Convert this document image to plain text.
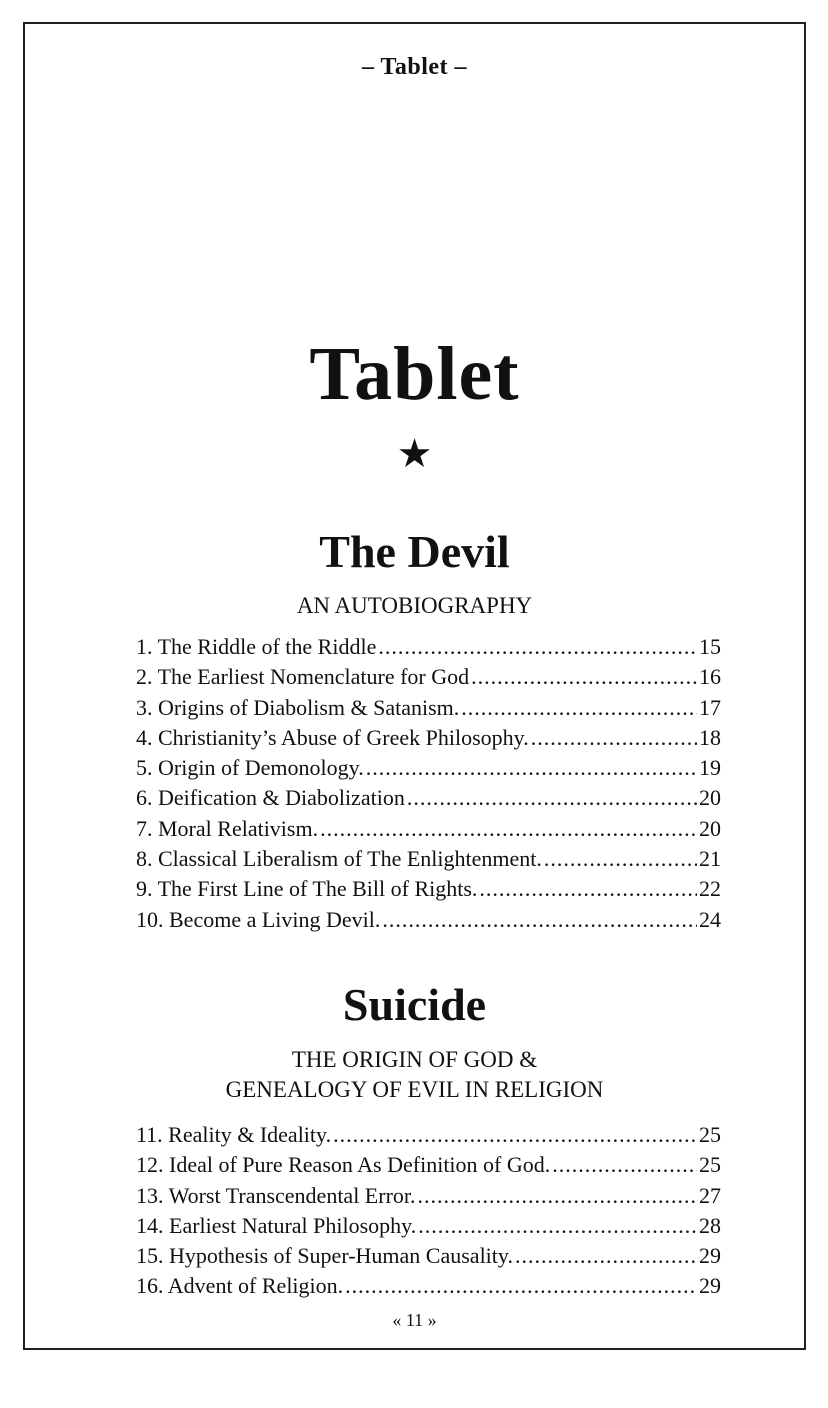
– Tablet –
Tablet
★
The Devil
AN AUTOBIOGRAPHY
1. The Riddle of the Riddle .....	15
2. The Earliest Nomenclature for God .....	16
3. Origins of Diabolism & Satanism. .....	17
4. Christianity’s Abuse of Greek Philosophy. .....	18
5. Origin of Demonology. .....	19
6. Deification & Diabolization .....	20
7. Moral Relativism. .....	20
8. Classical Liberalism of The Enlightenment. .....	21
9. The First Line of The Bill of Rights. .....	22
10. Become a Living Devil. .....	24
Suicide
THE ORIGIN OF GOD &
GENEALOGY OF EVIL IN RELIGION
11. Reality & Ideality. .....	25
12. Ideal of Pure Reason As Definition of God. .....	25
13. Worst Transcendental Error. .....	27
14. Earliest Natural Philosophy. .....	28
15. Hypothesis of Super-Human Causality. .....	29
16. Advent of Religion. .....	29
« 11 »
